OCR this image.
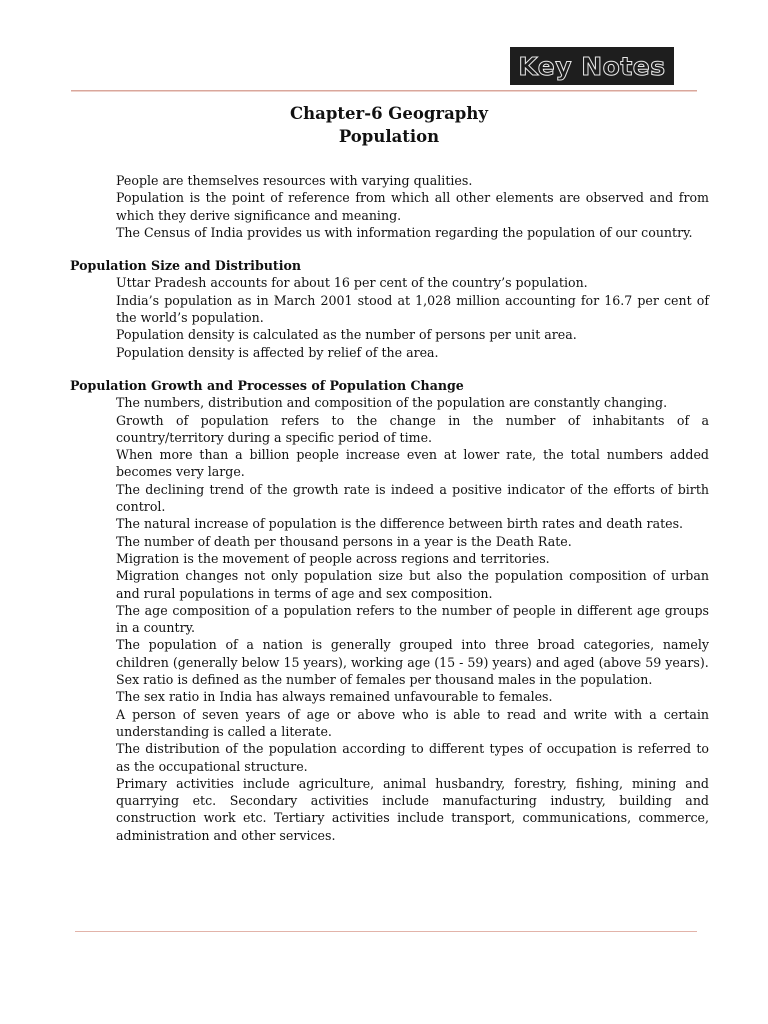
Key Notes
Chapter-6 Geography
Population

People are themselves resources with varying qualities.

Population is the point of reference from which all other elements are observed and from which they derive significance and meaning.

The Census of India provides us with information regarding the population of our country.

Population Size and Distribution

Uttar Pradesh accounts for about 16 per cent of the country’s population.

India’s population as in March 2001 stood at 1,028 million accounting for 16.7 per cent of the world’s population.

Population density is calculated as the number of persons per unit area.

Population density is affected by relief of the area.

Population Growth and Processes of Population Change

The numbers, distribution and composition of the population are constantly changing.

Growth of population refers to the change in the number of inhabitants of a country/territory during a specific period of time.

When more than a billion people increase even at lower rate, the total numbers added becomes very large.

The declining trend of the growth rate is indeed a positive indicator of the efforts of birth control.

The natural increase of population is the difference between birth rates and death rates.

The number of death per thousand persons in a year is the Death Rate.

Migration is the movement of people across regions and territories.

Migration changes not only population size but also the population composition of urban and rural populations in terms of age and sex composition.

The age composition of a population refers to the number of people in different age groups in a country.

The population of a nation is generally grouped into three broad categories, namely children (generally below 15 years), working age (15 - 59) years) and aged (above 59 years).

Sex ratio is defined as the number of females per thousand males in the population.

The sex ratio in India has always remained unfavourable to females.

A person of seven years of age or above who is able to read and write with a certain understanding is called a literate.

The distribution of the population according to different types of occupation is referred to as the occupational structure.

Primary activities include agriculture, animal husbandry, forestry, fishing, mining and quarrying etc. Secondary activities include manufacturing industry, building and construction work etc. Tertiary activities include transport, communications, commerce, administration and other services.
